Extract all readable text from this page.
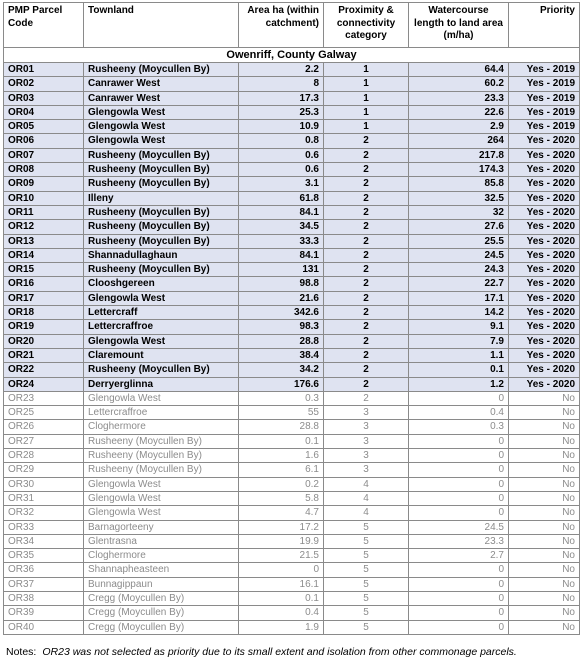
PMP Parcel Code	Townland	Area ha (within catchment)	Proximity & connectivity category	Watercourse length to land area (m/ha)	Priority
Owenriff, County Galway					
OR01	Rusheeny (Moycullen By)	2.2	1	64.4	Yes - 2019
OR02	Canrawer West	8	1	60.2	Yes - 2019
OR03	Canrawer West	17.3	1	23.3	Yes - 2019
OR04	Glengowla West	25.3	1	22.6	Yes - 2019
OR05	Glengowla West	10.9	1	2.9	Yes - 2019
OR06	Glengowla West	0.8	2	264	Yes - 2020
OR07	Rusheeny (Moycullen By)	0.6	2	217.8	Yes - 2020
OR08	Rusheeny (Moycullen By)	0.6	2	174.3	Yes - 2020
OR09	Rusheeny (Moycullen By)	3.1	2	85.8	Yes - 2020
OR10	Illeny	61.8	2	32.5	Yes - 2020
OR11	Rusheeny (Moycullen By)	84.1	2	32	Yes - 2020
OR12	Rusheeny (Moycullen By)	34.5	2	27.6	Yes - 2020
OR13	Rusheeny (Moycullen By)	33.3	2	25.5	Yes - 2020
OR14	Shannadullaghaun	84.1	2	24.5	Yes - 2020
OR15	Rusheeny (Moycullen By)	131	2	24.3	Yes - 2020
OR16	Clooshgereen	98.8	2	22.7	Yes - 2020
OR17	Glengowla West	21.6	2	17.1	Yes - 2020
OR18	Lettercraff	342.6	2	14.2	Yes - 2020
OR19	Lettercraffroe	98.3	2	9.1	Yes - 2020
OR20	Glengowla West	28.8	2	7.9	Yes - 2020
OR21	Claremount	38.4	2	1.1	Yes - 2020
OR22	Rusheeny (Moycullen By)	34.2	2	0.1	Yes - 2020
OR24	Derryerglinna	176.6	2	1.2	Yes - 2020
OR23	Glengowla West	0.3	2	0	No
OR25	Lettercraffroe	55	3	0.4	No
OR26	Cloghermore	28.8	3	0.3	No
OR27	Rusheeny (Moycullen By)	0.1	3	0	No
OR28	Rusheeny (Moycullen By)	1.6	3	0	No
OR29	Rusheeny (Moycullen By)	6.1	3	0	No
OR30	Glengowla West	0.2	4	0	No
OR31	Glengowla West	5.8	4	0	No
OR32	Glengowla West	4.7	4	0	No
OR33	Barnagorteeny	17.2	5	24.5	No
OR34	Glentrasna	19.9	5	23.3	No
OR35	Cloghermore	21.5	5	2.7	No
OR36	Shannapheasteen	0	5	0	No
OR37	Bunnagippaun	16.1	5	0	No
OR38	Cregg (Moycullen By)	0.1	5	0	No
OR39	Cregg (Moycullen By)	0.4	5	0	No
OR40	Cregg (Moycullen By)	1.9	5	0	No
Notes: OR23 was not selected as priority due to its small extent and isolation from other commonage parcels.
